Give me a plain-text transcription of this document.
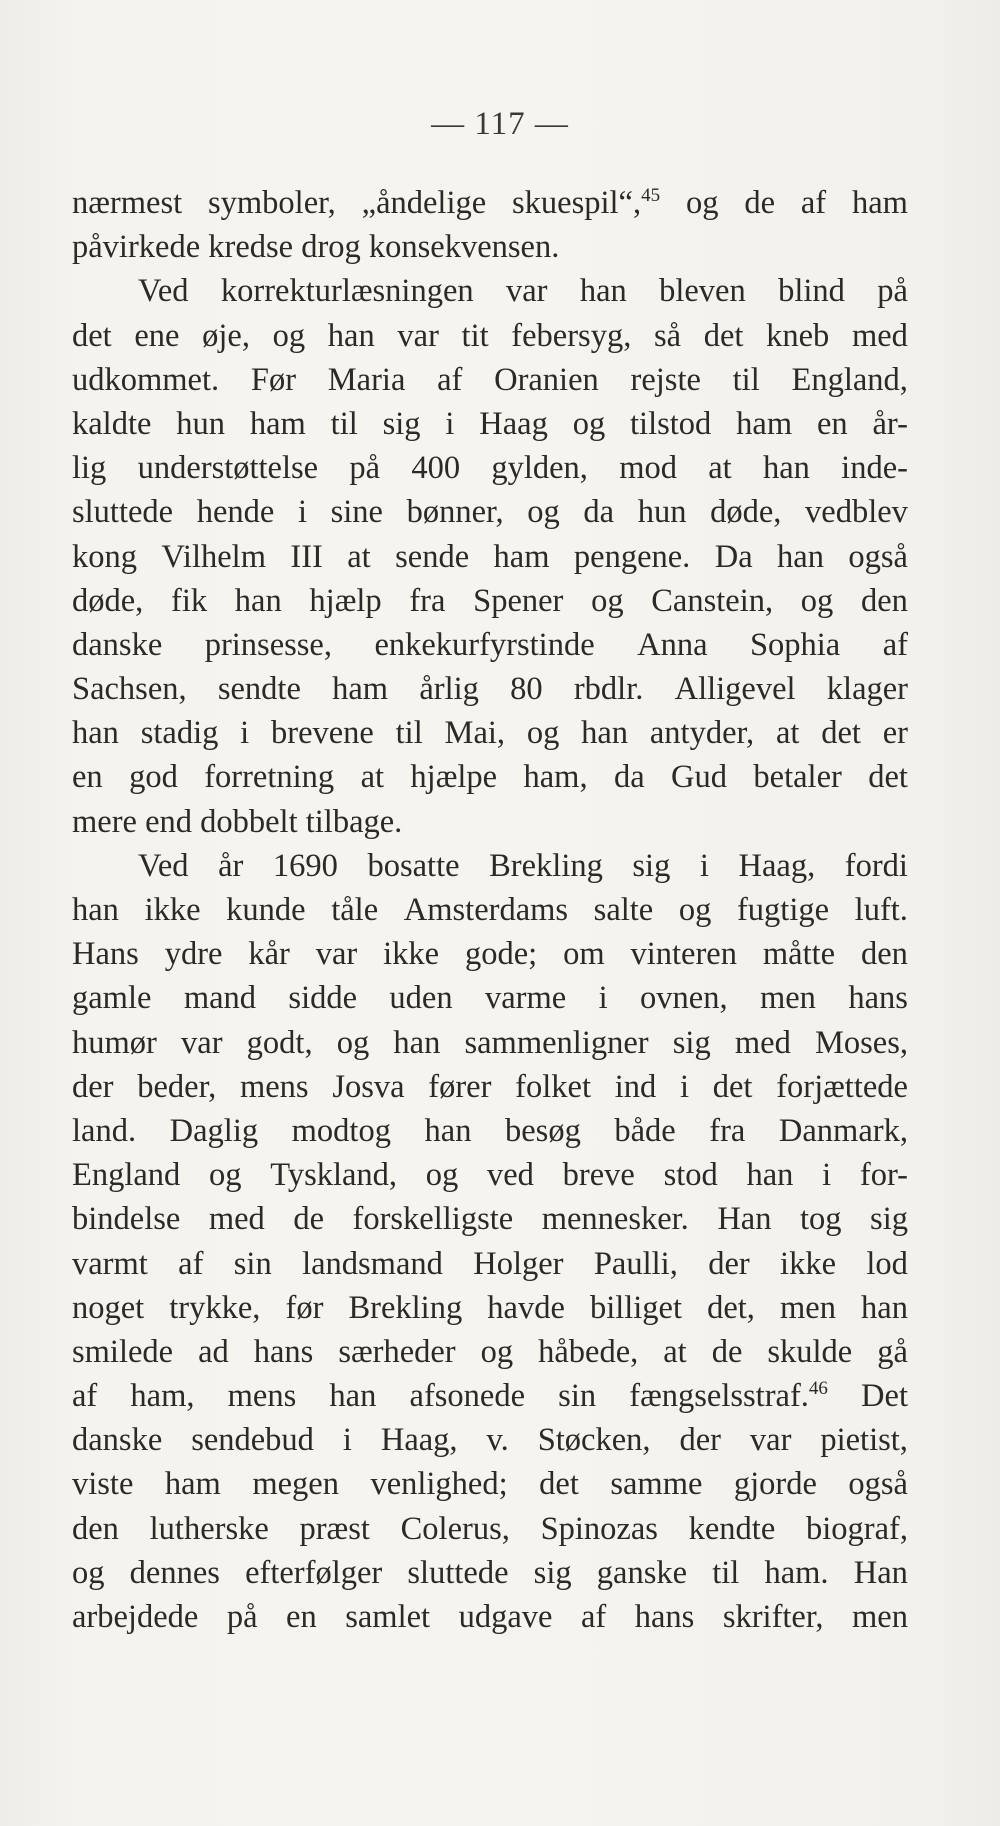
— 117 —
nærmest symboler, „åndelige skuespil“,$^{45}$ og de af ham
påvirkede kredse drog konsekvensen.
Ved korrekturlæsningen var han bleven blind på
det ene øje, og han var tit febersyg, så det kneb med
udkommet. Før Maria af Oranien rejste til England,
kaldte hun ham til sig i Haag og tilstod ham en år-
lig understøttelse på 400 gylden, mod at han inde-
sluttede hende i sine bønner, og da hun døde, vedblev
kong Vilhelm III at sende ham pengene. Da han også
døde, fik han hjælp fra Spener og Canstein, og den
danske prinsesse, enkekurfyrstinde Anna Sophia af
Sachsen, sendte ham årlig 80 rbdlr. Alligevel klager
han stadig i brevene til Mai, og han antyder, at det er
en god forretning at hjælpe ham, da Gud betaler det
mere end dobbelt tilbage.
Ved år 1690 bosatte Brekling sig i Haag, fordi
han ikke kunde tåle Amsterdams salte og fugtige luft.
Hans ydre kår var ikke gode; om vinteren måtte den
gamle mand sidde uden varme i ovnen, men hans
humør var godt, og han sammenligner sig med Moses,
der beder, mens Josva fører folket ind i det forjættede
land. Daglig modtog han besøg både fra Danmark,
England og Tyskland, og ved breve stod han i for-
bindelse med de forskelligste mennesker. Han tog sig
varmt af sin landsmand Holger Paulli, der ikke lod
noget trykke, før Brekling havde billiget det, men han
smilede ad hans særheder og håbede, at de skulde gå
af ham, mens han afsonede sin fængselsstraf.$^{46}$ Det
danske sendebud i Haag, v. Støcken, der var pietist,
viste ham megen venlighed; det samme gjorde også
den lutherske præst Colerus, Spinozas kendte biograf,
og dennes efterfølger sluttede sig ganske til ham. Han
arbejdede på en samlet udgave af hans skrifter, men
